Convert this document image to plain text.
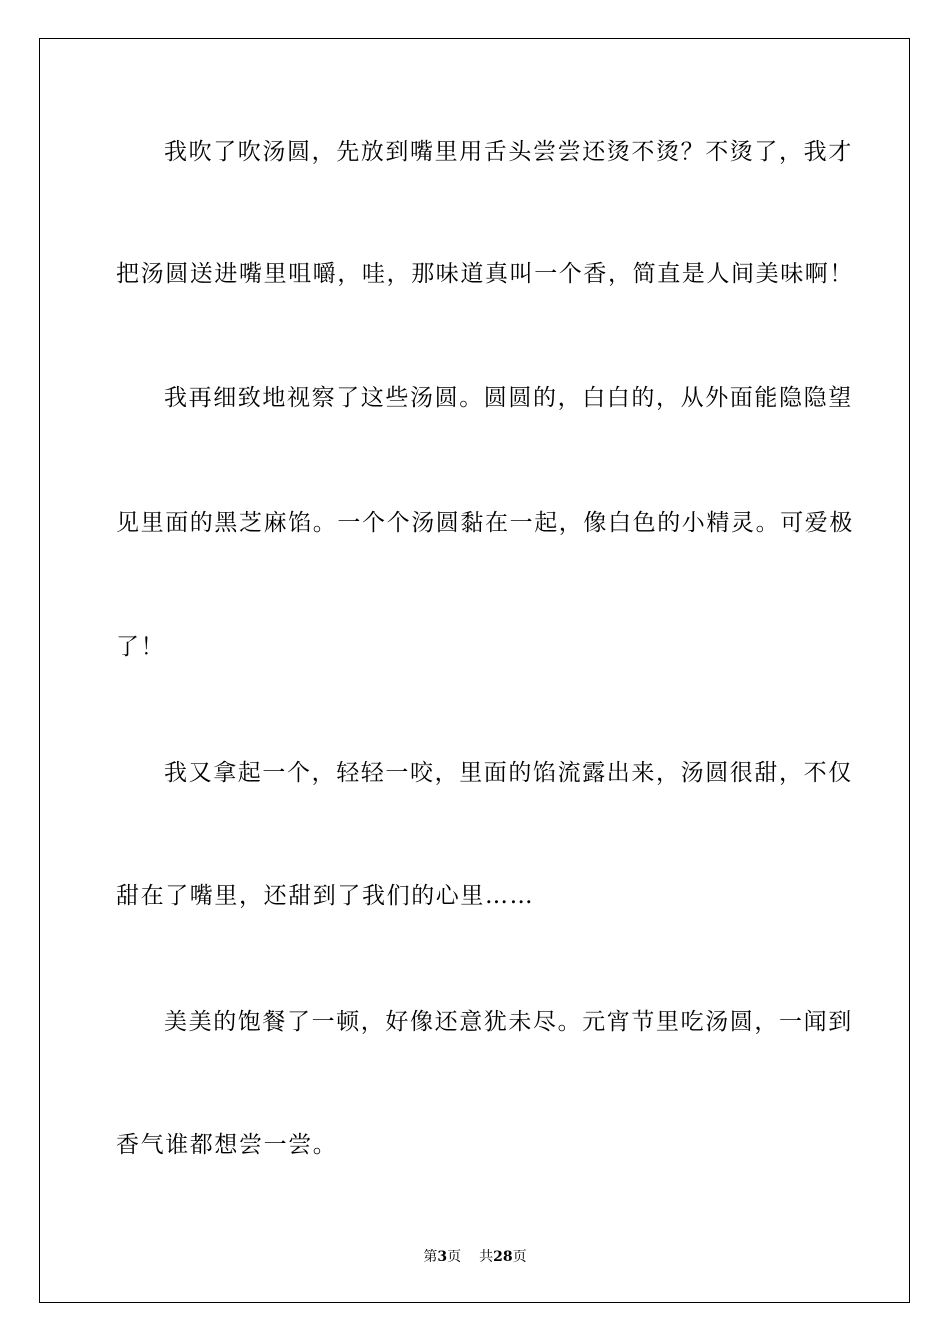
我吹了吹汤圆，先放到嘴里用舌头尝尝还烫不烫？不烫了，我才
把汤圆送进嘴里咀嚼，哇，那味道真叫一个香，简直是人间美味啊！
我再细致地视察了这些汤圆。圆圆的，白白的，从外面能隐隐望
见里面的黑芝麻馅。一个个汤圆黏在一起，像白色的小精灵。可爱极
了！
我又拿起一个，轻轻一咬，里面的馅流露出来，汤圆很甜，不仅
甜在了嘴里，还甜到了我们的心里……
美美的饱餐了一顿，好像还意犹未尽。元宵节里吃汤圆，一闻到
香气谁都想尝一尝。
第3页 共28页
